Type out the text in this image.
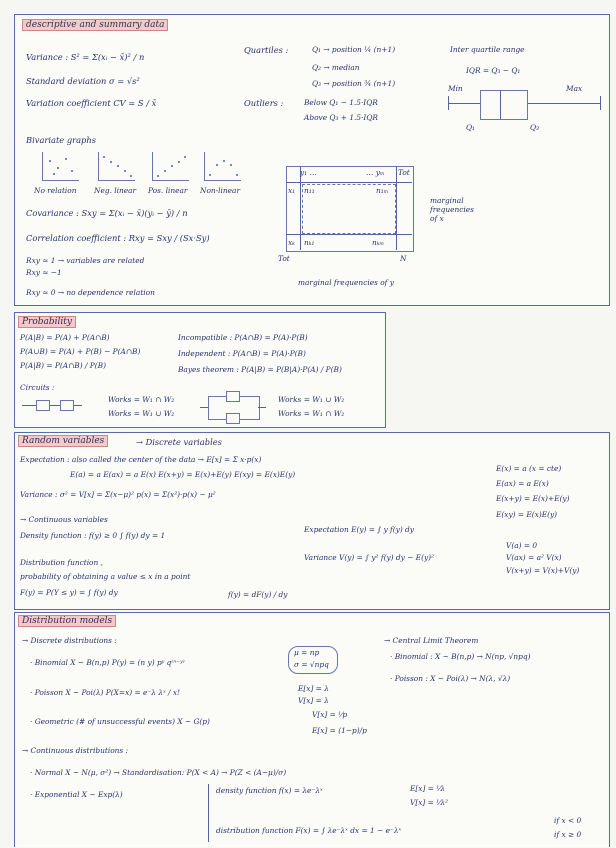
descriptive and summary data
Variance : S² = Σ(xᵢ − x̄)² / n
Standard deviation σ = √s²
Variation coefficient CV = S / x̄
Quartiles :	Q₁ → position ¼ (n+1)
Q₂ → median
Q₃ → position ¾ (n+1)
Inter quartile range
IQR = Q₃ − Q₁
Outliers :	Below Q₁ − 1.5·IQR
Above Q₃ + 1.5·IQR
Min	Max
Q₁	Q₃
Bivariate graphs
No relation Neg. linear Pos. linear Non-linear
Covariance : Sxy = Σ(xᵢ − x̄)(yᵢ − ȳ) / n
Correlation coefficient : Rxy = Sxy / (Sx·Sy)
Rxy ≈ 1 → variables are related
Rxy ≈ −1
Rxy ≈ 0 → no dependence relation
y₁ …	… yₘ Tot
x₁ n₁₁	n₁ₘ
xₖ nₖ₁	nₖₘ
Tot	N
marginal frequencies of x
marginal frequencies of y
Probability
P(A|B) = P(A) + P(A∩B)
P(A∪B) = P(A) + P(B) − P(A∩B)
P(A|B) = P(A∩B) / P(B)
Incompatible : P(A∩B) = P(A)·P(B)
Independent : P(A∩B) = P(A)·P(B)
Bayes theorem : P(A|B) = P(B|A)·P(A) / P(B)
Circuits :
Works = W₁ ∩ W₂
Works = W₁ ∪ W₂
Works = W₁ ∪ W₂
Works = W₁ ∩ W₂
Random variables	→ Discrete variables
Expectation : also called the center of the data → E[x] = Σ x·p(x)
E(a) = a E(ax) = a E(x) E(x+y) = E(x)+E(y) E(xy) = E(x)E(y)
Variance : σ² = V[x] = Σ(x−μ)² p(x) = Σ(x²)·p(x) − μ²
E(x) = a (x = cte)
E(ax) = a E(x)
E(x+y) = E(x)+E(y)
E(xy) = E(x)E(y)
→ Continuous variables
Density function : f(y) ≥ 0 ∫ f(y) dy = 1
Expectation E(y) = ∫ y f(y) dy
Variance V(y) = ∫ y² f(y) dy − E(y)²
V(a) = 0
V(ax) = a² V(x)
V(x+y) = V(x)+V(y)
Distribution function ,
probability of obtaining a value ≤ x in a point
F(y) = P(Y ≤ y) = ∫ f(y) dy	f(y) = dF(y) / dy
Distribution models
→ Discrete distributions :
· Binomial X ~ B(n,p) P(y) = (n y) pʸ q⁽ⁿ⁻ʸ⁾
μ = np
σ = √npq
→ Central Limit Theorem
· Binomial : X ~ B(n,p) → N(np, √npq)
· Poisson : X ~ Poi(λ) → N(λ, √λ)
· Poisson X ~ Poi(λ) P(X=x) = e⁻λ λˣ / x!	E[x] = λ
V[x] = λ
· Geometric (# of unsuccessful events) X ~ G(p)
V[x] = ¹⁄p
E[x] = (1−p)/p
→ Continuous distributions :
· Normal X ~ N(μ, σ²) → Standardisation: P(X < A) → P(Z < (A−μ)/σ)
· Exponential X ~ Exp(λ)	density function f(x) = λe⁻λˣ	E[x] = ¹⁄λ
V[x] = ¹⁄λ²
distribution function F(x) = ∫ λe⁻λˣ dx = 1 − e⁻λˣ
if x < 0
if x ≥ 0
